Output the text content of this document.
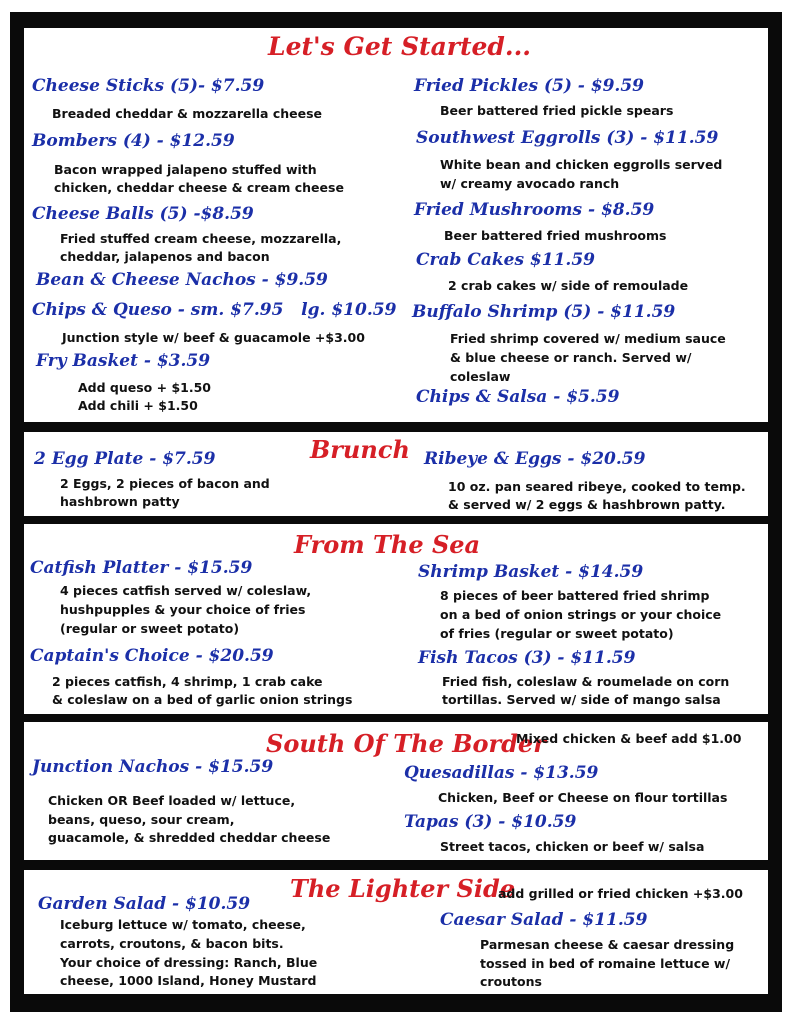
Let's Get Started...
Cheese Sticks (5)- $7.59
Breaded cheddar & mozzarella cheese
Bombers (4) - $12.59
Bacon wrapped jalapeno stuffed with
chicken, cheddar cheese & cream cheese
Cheese Balls (5) -$8.59
Fried stuffed cream cheese, mozzarella,
cheddar, jalapenos and bacon
Bean & Cheese Nachos - $9.59
Chips & Queso - sm. $7.95   lg. $10.59
Junction style w/ beef & guacamole +$3.00
Fry Basket - $3.59
Add queso + $1.50
Add chili + $1.50
Fried Pickles (5) - $9.59
Beer battered fried pickle spears
Southwest Eggrolls (3) - $11.59
White bean and chicken eggrolls served
w/ creamy avocado ranch
Fried Mushrooms - $8.59
Beer battered fried mushrooms
Crab Cakes $11.59
2 crab cakes w/ side of remoulade
Buffalo Shrimp (5) - $11.59
Fried shrimp covered w/ medium sauce
& blue cheese or ranch. Served w/
coleslaw
Chips & Salsa - $5.59
Brunch
2 Egg Plate - $7.59
2 Eggs, 2 pieces of bacon and
hashbrown patty
Ribeye & Eggs - $20.59
10 oz. pan seared ribeye, cooked to temp.
& served w/ 2 eggs & hashbrown patty.
From The Sea
Catfish Platter - $15.59
4 pieces catfish served w/ coleslaw,
hushpupples & your choice of fries
(regular or sweet potato)
Captain's Choice - $20.59
2 pieces catfish, 4 shrimp, 1 crab cake
& coleslaw on a bed of garlic onion strings
Shrimp Basket - $14.59
8 pieces of beer battered fried shrimp
on a bed of onion strings or your choice
of fries (regular or sweet potato)
Fish Tacos (3) - $11.59
Fried fish, coleslaw & roumelade on corn
tortillas. Served w/ side of mango salsa
South Of The Border
Mixed chicken & beef add $1.00
Junction Nachos - $15.59
Chicken OR Beef loaded w/ lettuce,
beans, queso, sour cream,
guacamole, & shredded cheddar cheese
Quesadillas - $13.59
Chicken, Beef or Cheese on flour tortillas
Tapas (3) - $10.59
Street tacos, chicken or beef w/ salsa
The Lighter Side
add grilled or fried chicken +$3.00
Garden Salad - $10.59
Iceburg lettuce w/ tomato, cheese,
carrots, croutons, & bacon bits.
Your choice of dressing: Ranch, Blue
cheese, 1000 Island, Honey Mustard
Caesar Salad - $11.59
Parmesan cheese & caesar dressing
tossed in bed of romaine lettuce w/
croutons
